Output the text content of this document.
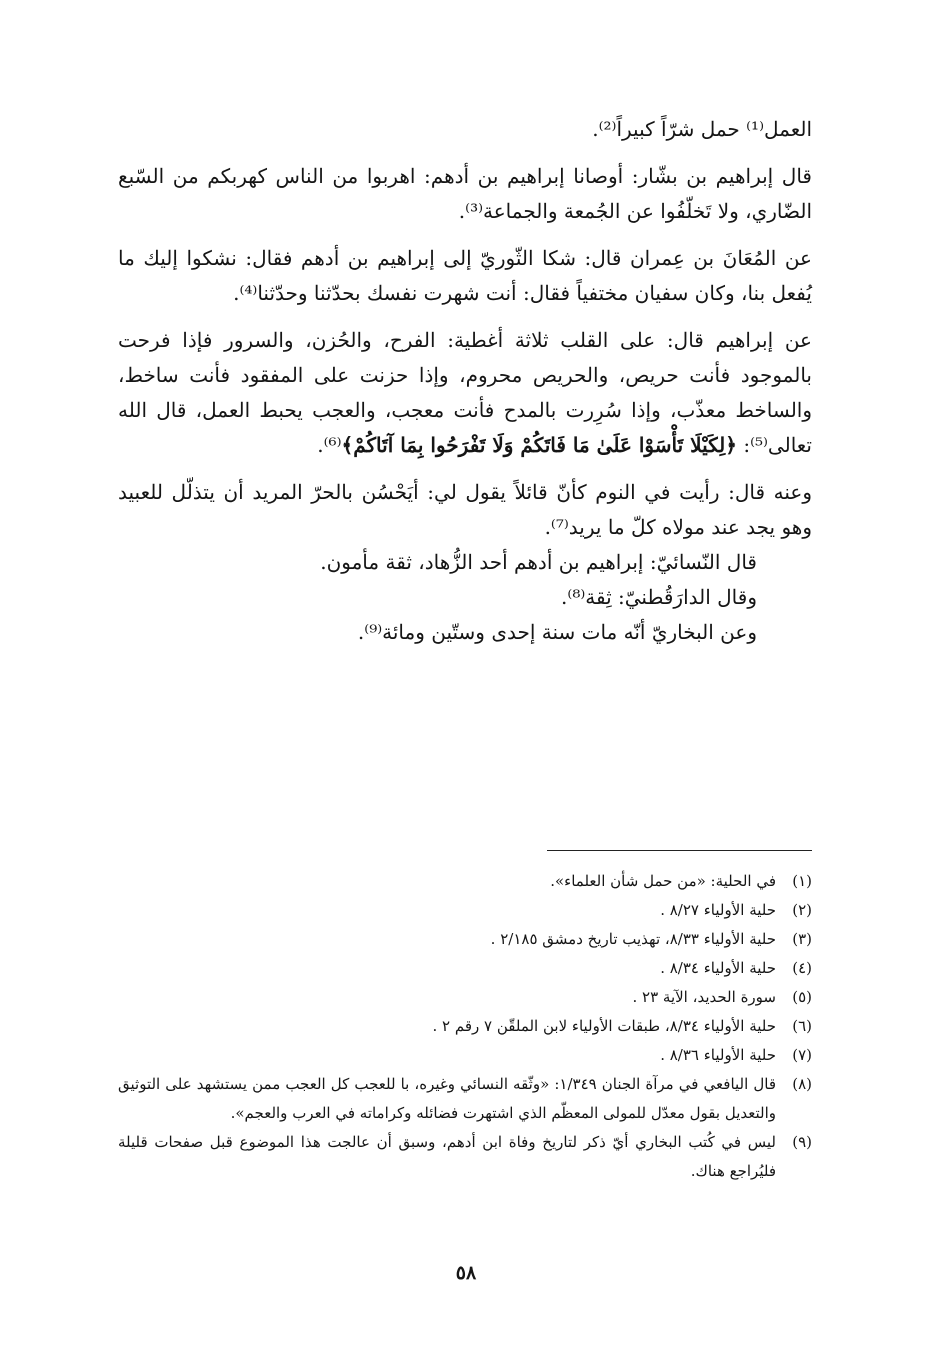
العمل⁽¹⁾ حمل شرّاً كبيراً⁽²⁾.

قال إبراهيم بن بشّار: أوصانا إبراهيم بن أدهم: اهربوا من الناس كهربكم من السّبع الضّاري، ولا تَخلّفُوا عن الجُمعة والجماعة⁽³⁾.

عن المُعَانَ بن عِمران قال: شكا الثّوريّ إلى إبراهيم بن أدهم فقال: نشكوا إليك ما يُفعل بنا، وكان سفيان مختفياً فقال: أنت شهرت نفسك بحدّثنا وحدّثنا⁽⁴⁾.

عن إبراهيم قال: على القلب ثلاثة أغطية: الفرح، والحُزن، والسرور فإذا فرحت بالموجود فأنت حريص، والحريص محروم، وإذا حزنت على المفقود فأنت ساخط، والساخط معذّب، وإذا سُرِرت بالمدح فأنت معجب، والعجب يحبط العمل، قال الله تعالى⁽⁵⁾: ﴿لِكَيْلَا تَأْسَوْا عَلَىٰ مَا فَاتَكُمْ وَلَا تَفْرَحُوا بِمَا آتَاكُمْ﴾⁽⁶⁾.

وعنه قال: رأيت في النوم كأنّ قائلاً يقول لي: أيَحْسُن بالحرّ المريد أن يتذلّل للعبيد وهو يجد عند مولاه كلّ ما يريد⁽⁷⁾.

قال النّسائيّ: إبراهيم بن أدهم أحد الزُّهاد، ثقة مأمون.

وقال الدارَقُطنيّ: ثِقة⁽⁸⁾.

وعن البخاريّ أنّه مات سنة إحدى وستّين ومائة⁽⁹⁾.

(١)
في الحلية: «من حمل شأن العلماء».
(٢)
حلية الأولياء ٨/٢٧ .
(٣)
حلية الأولياء ٨/٣٣، تهذيب تاريخ دمشق ٢/١٨٥ .
(٤)
حلية الأولياء ٨/٣٤ .
(٥)
سورة الحديد، الآية ٢٣ .
(٦)
حلية الأولياء ٨/٣٤، طبقات الأولياء لابن الملقّن ٧ رقم ٢ .
(٧)
حلية الأولياء ٨/٣٦ .
(٨)
قال اليافعي في مرآة الجنان ١/٣٤٩: «وثّقه النسائي وغيره، با للعجب كل العجب ممن يستشهد على التوثيق والتعديل بقول معدّل للمولى المعظّم الذي اشتهرت فضائله وكراماته في العرب والعجم».
(٩)
ليس في كُتب البخاري أيّ ذكر لتاريخ وفاة ابن أدهم، وسبق أن عالجت هذا الموضوع قبل صفحات قليلة فليُراجع هناك.
٥٨
